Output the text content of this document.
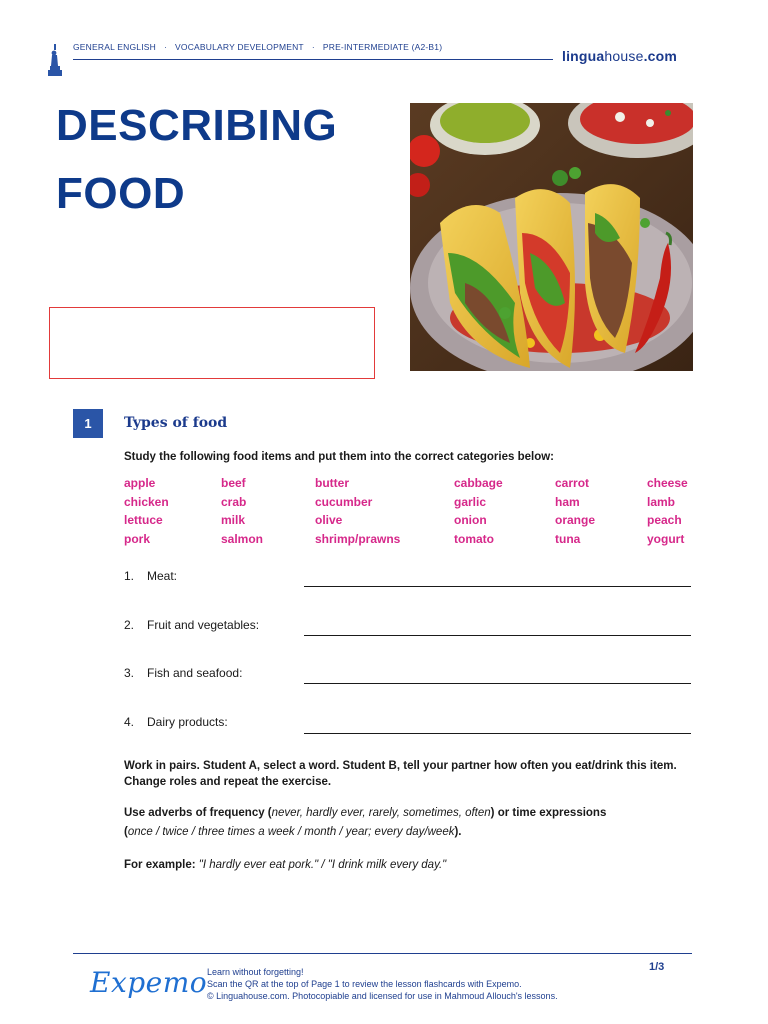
GENERAL ENGLISH · VOCABULARY DEVELOPMENT · PRE-INTERMEDIATE (A2-B1)
linguahouse.com
DESCRIBING
FOOD
1	Types of food
Study the following food items and put them into the correct categories below:
apple	beef	butter	cabbage	carrot	cheese
chicken	crab	cucumber	garlic	ham	lamb
lettuce	milk	olive	onion	orange	peach
pork	salmon	shrimp/prawns	tomato	tuna	yogurt
1. Meat:
2. Fruit and vegetables:
3. Fish and seafood:
4. Dairy products:
Work in pairs. Student A, select a word. Student B, tell your partner how often you eat/drink this item. Change roles and repeat the exercise.
Use adverbs of frequency (never, hardly ever, rarely, sometimes, often) or time expressions
(once / twice / three times a week / month / year; every day/week).
For example: "I hardly ever eat pork." / "I drink milk every day."
Expemo Learn without forgetting!
Scan the QR at the top of Page 1 to review the lesson flashcards with Expemo.
© Linguahouse.com. Photocopiable and licensed for use in Mahmoud Allouch's lessons.
1/3
